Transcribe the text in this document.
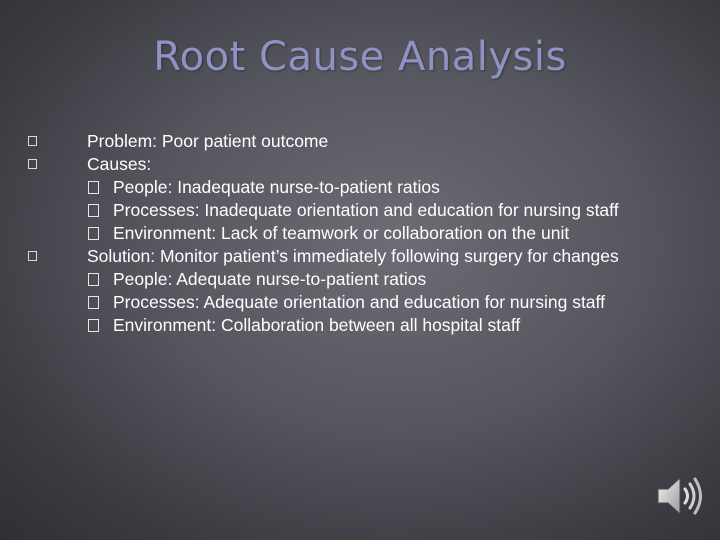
Root Cause Analysis
Problem: Poor patient outcome
Causes:
People: Inadequate nurse-to-patient ratios
Processes: Inadequate orientation and education for nursing staff
Environment: Lack of teamwork or collaboration on the unit
Solution: Monitor patient’s immediately following surgery for changes
People: Adequate nurse-to-patient ratios
Processes: Adequate orientation and education for nursing staff
Environment: Collaboration between all hospital staff
